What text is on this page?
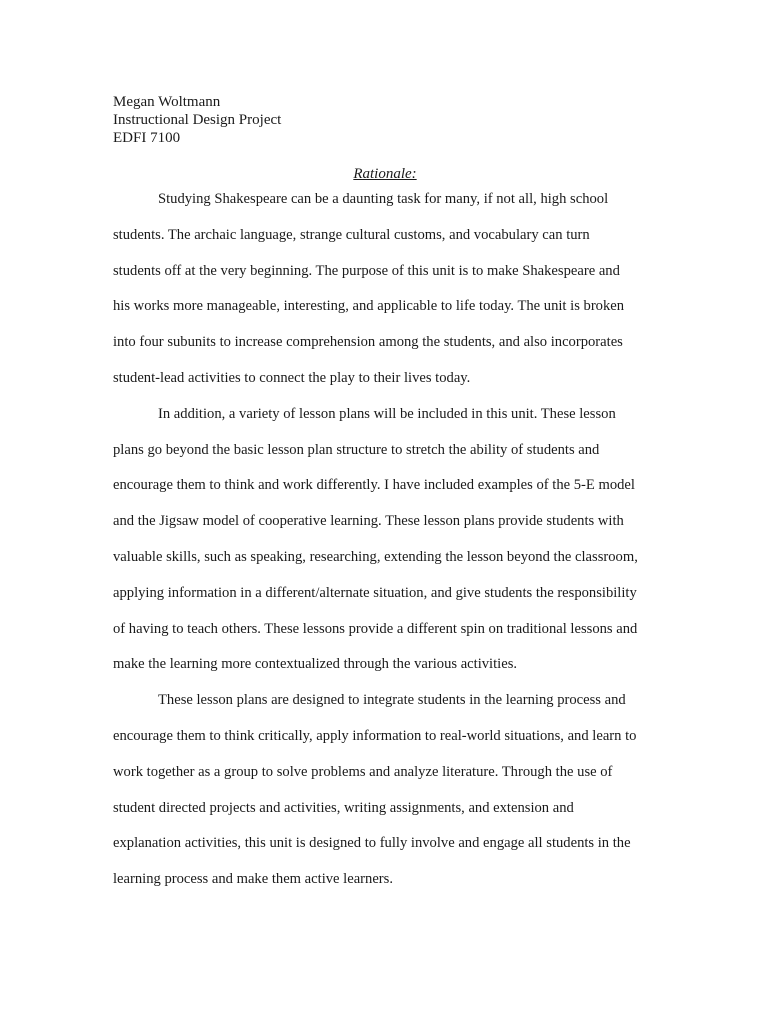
Megan Woltmann
Instructional Design Project
EDFI 7100
Rationale:
Studying Shakespeare can be a daunting task for many, if not all, high school
students. The archaic language, strange cultural customs, and vocabulary can turn
students off at the very beginning. The purpose of this unit is to make Shakespeare and
his works more manageable, interesting, and applicable to life today. The unit is broken
into four subunits to increase comprehension among the students, and also incorporates
student-lead activities to connect the play to their lives today.
In addition, a variety of lesson plans will be included in this unit. These lesson
plans go beyond the basic lesson plan structure to stretch the ability of students and
encourage them to think and work differently. I have included examples of the 5-E model
and the Jigsaw model of cooperative learning. These lesson plans provide students with
valuable skills, such as speaking, researching, extending the lesson beyond the classroom,
applying information in a different/alternate situation, and give students the responsibility
of having to teach others. These lessons provide a different spin on traditional lessons and
make the learning more contextualized through the various activities.
These lesson plans are designed to integrate students in the learning process and
encourage them to think critically, apply information to real-world situations, and learn to
work together as a group to solve problems and analyze literature. Through the use of
student directed projects and activities, writing assignments, and extension and
explanation activities, this unit is designed to fully involve and engage all students in the
learning process and make them active learners.
